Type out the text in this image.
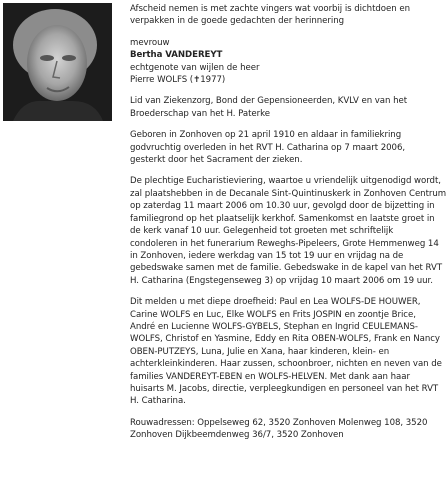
Afscheid nemen is met zachte vingers wat voorbij is dichtdoen en
verpakken in de goede gedachten der herinnering
mevrouw
Bertha VANDEREYT
echtgenote van wijlen de heer
Pierre WOLFS (✝1977)
Lid van Ziekenzorg, Bond der Gepensioneerden, KVLV en van het
Broederschap van het H. Paterke
Geboren in Zonhoven op 21 april 1910 en aldaar in familiekring
godvruchtig overleden in het RVT H. Catharina op 7 maart 2006,
gesterkt door het Sacrament der zieken.
De plechtige Eucharistieviering, waartoe u vriendelijk uitgenodigd wordt,
zal plaatshebben in de Decanale Sint-Quintinuskerk in Zonhoven Centrum
op zaterdag 11 maart 2006 om 10.30 uur, gevolgd door de bijzetting in
familiegrond op het plaatselijk kerkhof. Samenkomst en laatste groet in
de kerk vanaf 10 uur. Gelegenheid tot groeten met schriftelijk
condoleren in het funerarium Reweghs-Pipeleers, Grote Hemmenweg 14
in Zonhoven, iedere werkdag van 15 tot 19 uur en vrijdag na de
gebedswake samen met de familie. Gebedswake in de kapel van het RVT
H. Catharina (Engstegenseweg 3) op vrijdag 10 maart 2006 om 19 uur.
Dit melden u met diepe droefheid: Paul en Lea WOLFS-DE HOUWER,
Carine WOLFS en Luc, Elke WOLFS en Frits JOSPIN en zoontje Brice,
André en Lucienne WOLFS-GYBELS, Stephan en Ingrid CEULEMANS-
WOLFS, Christof en Yasmine, Eddy en Rita OBEN-WOLFS, Frank en Nancy
OBEN-PUTZEYS, Luna, Julie en Xana, haar kinderen, klein- en
achterkleinkinderen. Haar zussen, schoonbroer, nichten en neven van de
families VANDEREYT-EBEN en WOLFS-HELVEN. Met dank aan haar
huisarts M. Jacobs, directie, verpleegkundigen en personeel van het RVT
H. Catharina.
Rouwadressen: Oppelseweg 62, 3520 Zonhoven Molenweg 108, 3520
Zonhoven Dijkbeemdenweg 36/7, 3520 Zonhoven
